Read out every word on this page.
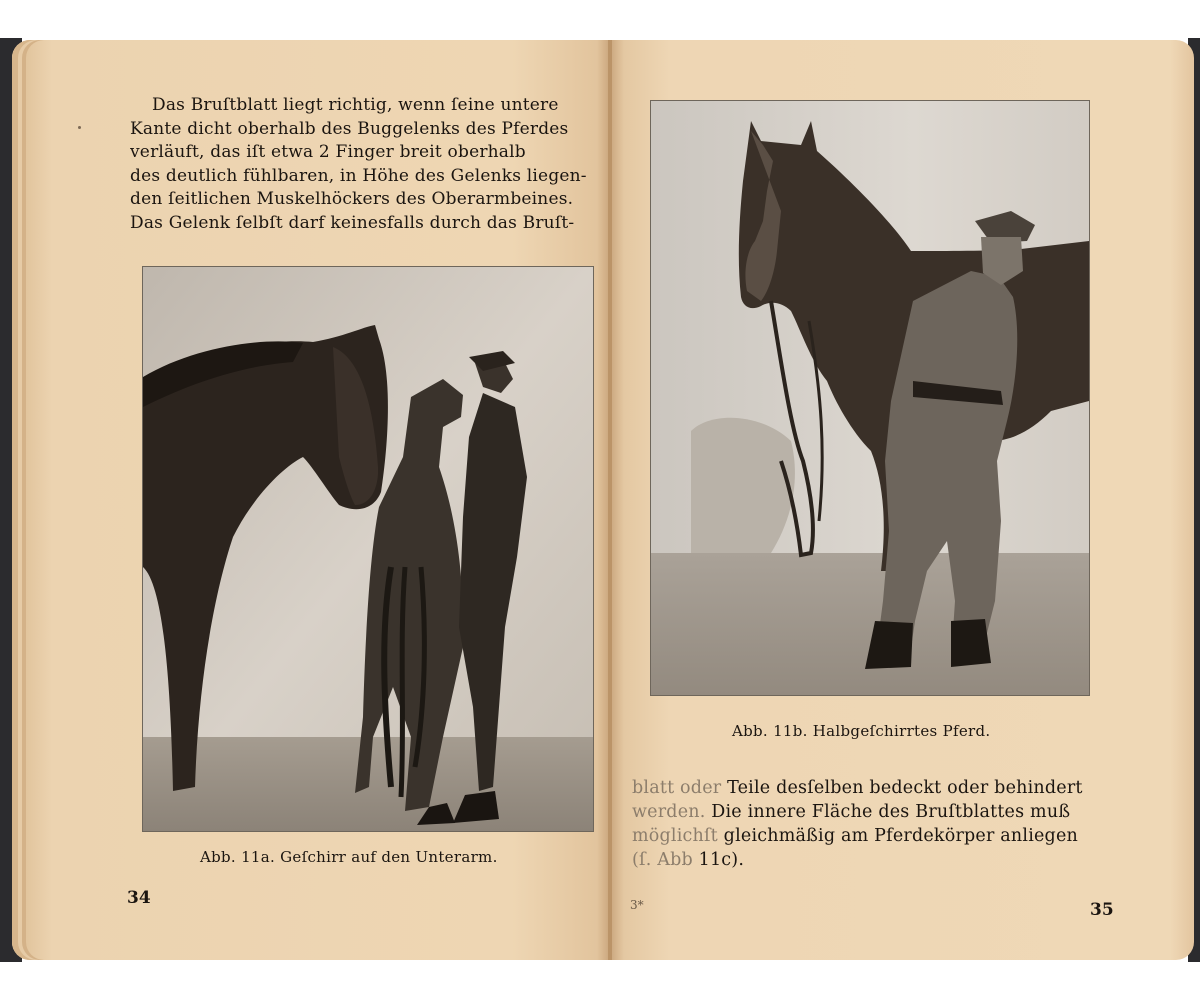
Das Bruſtblatt liegt richtig, wenn ſeine untere
Kante dicht oberhalb des Buggelenks des Pferdes
verläuft, das iſt etwa 2 Finger breit oberhalb
des deutlich fühlbaren, in Höhe des Gelenks liegen-
den ſeitlichen Muskelhöckers des Oberarmbeines.
Das Gelenk ſelbſt darf keinesfalls durch das Bruſt-
Abb. 11a. Geſchirr auf den Unterarm.
34
Abb. 11b. Halbgeſchirrtes Pferd.
blatt oder Teile desſelben bedeckt oder behindert
werden. Die innere Fläche des Bruſtblattes muß
möglichſt gleichmäßig am Pferdekörper anliegen
(ſ. Abb 11c).
3*	35
